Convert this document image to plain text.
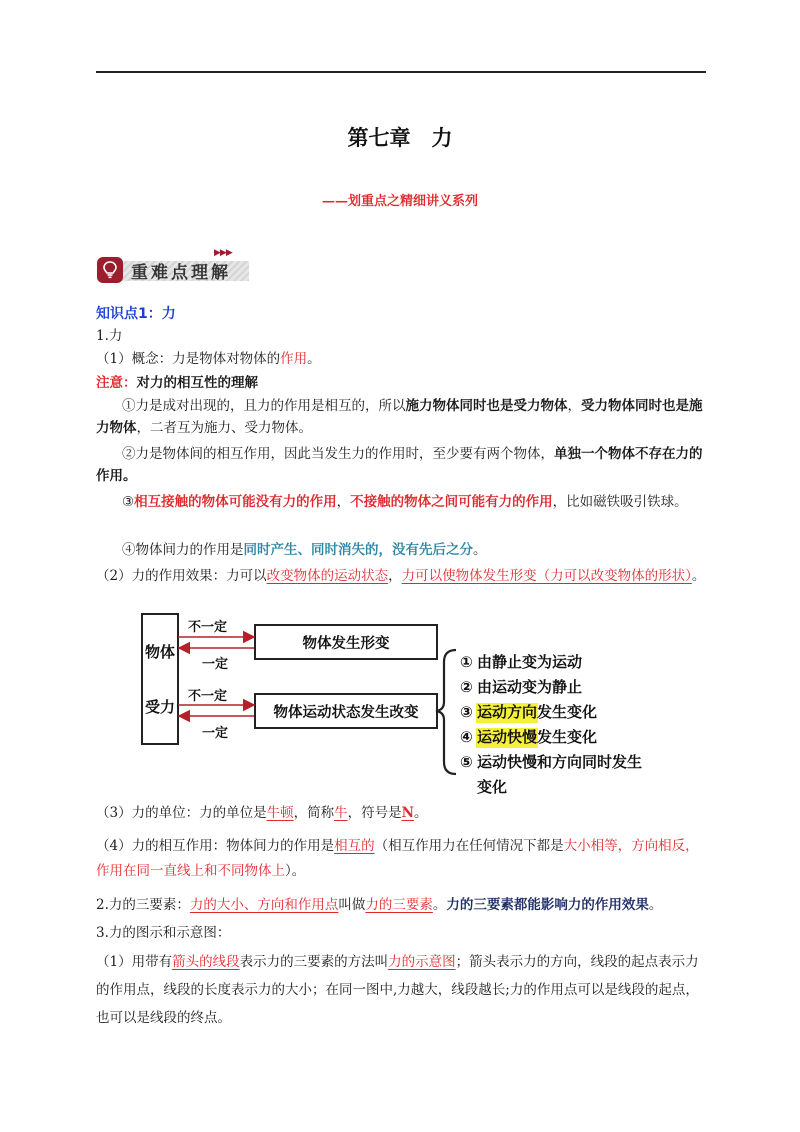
第七章　力
——划重点之精细讲义系列
重难点理解
▶▶▶

知识点1：力

1.力

（1）概念：力是物体对物体的作用。

注意：对力的相互性的理解

①力是成对出现的，且力的作用是相互的，所以施力物体同时也是受力物体，受力物体同时也是施力物体，二者互为施力、受力物体。

②力是物体间的相互作用，因此当发生力的作用时，至少要有两个物体，单独一个物体不存在力的作用。

③相互接触的物体可能没有力的作用，不接触的物体之间可能有力的作用，比如磁铁吸引铁球。

④物体间力的作用是同时产生、同时消失的，没有先后之分。

（2）力的作用效果：力可以改变物体的运动状态，力可以使物体发生形变（力可以改变物体的形状）。

物体
受力
物体发生形变
物体运动状态发生改变
不一定
一定
不一定
一定
① 由静止变为运动
② 由运动变为静止
③ 运动方向 发生变化
④ 运动快慢 发生变化
⑤ 运动快慢和方向同时发生
变化

（3）力的单位：力的单位是牛顿，简称牛，符号是N。

（4）力的相互作用：物体间力的作用是相互的（相互作用力在任何情况下都是大小相等，方向相反，作用在同一直线上和不同物体上）。

2.力的三要素：力的大小、方向和作用点叫做力的三要素。力的三要素都能影响力的作用效果。

3.力的图示和示意图：

（1）用带有箭头的线段表示力的三要素的方法叫力的示意图；箭头表示力的方向，线段的起点表示力的作用点，线段的长度表示力的大小；在同一图中,力越大，线段越长;力的作用点可以是线段的起点，也可以是线段的终点。
